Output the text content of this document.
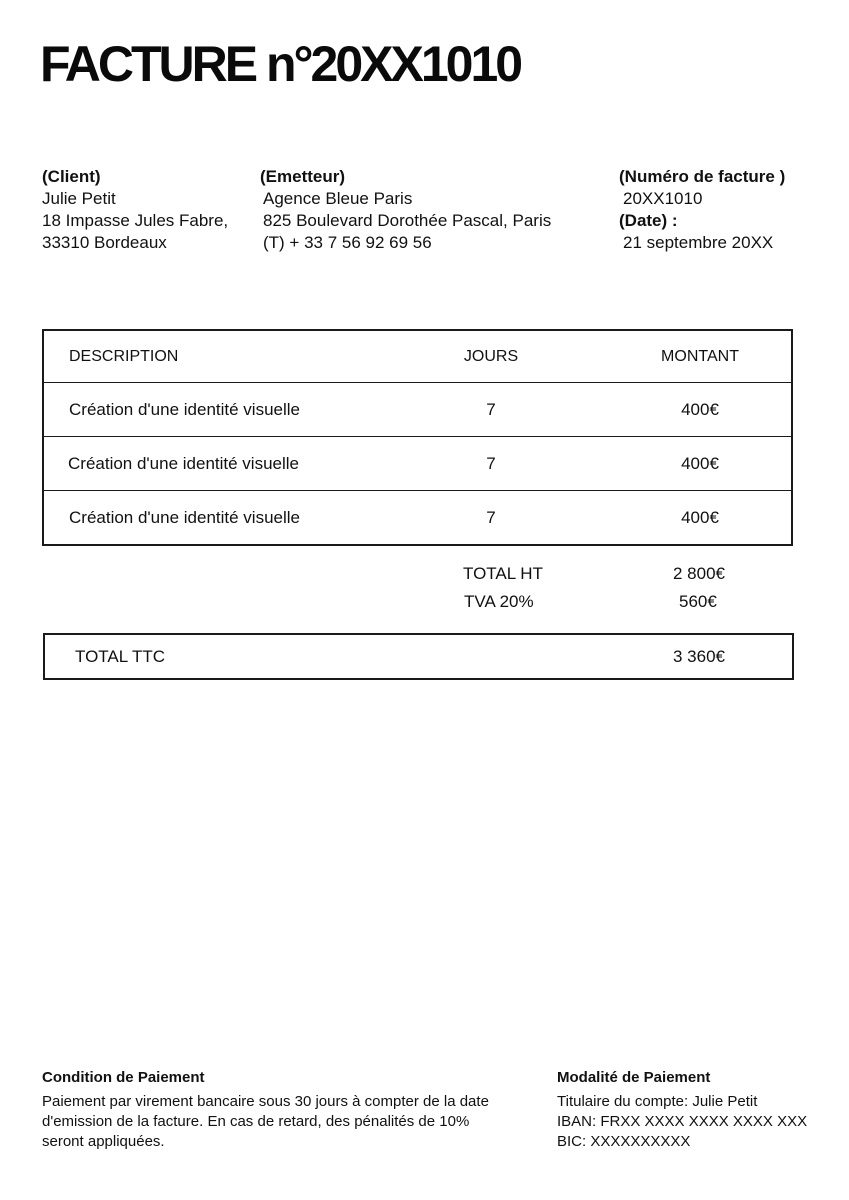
FACTURE n°20XX1010
(Client)
Julie Petit
18 Impasse Jules Fabre,
33310 Bordeaux
(Emetteur)
Agence Bleue Paris
825 Boulevard Dorothée Pascal, Paris
(T) + 33 7 56 92 69 56
(Numéro de facture )
20XX1010
(Date) :
21 septembre 20XX
DESCRIPTION	JOURS	MONTANT
Création d'une identité visuelle	7	400€
Création d'une identité visuelle	7	400€
Création d'une identité visuelle	7	400€
TOTAL HT	2 800€
TVA 20%	560€
TOTAL TTC	3 360€
Condition de Paiement
Paiement par virement bancaire sous 30 jours à compter de la date
d'emission de la facture. En cas de retard, des pénalités de 10%
seront appliquées.
Modalité de Paiement
Titulaire du compte: Julie Petit
IBAN: FRXX XXXX XXXX XXXX XXX
BIC: XXXXXXXXXX
